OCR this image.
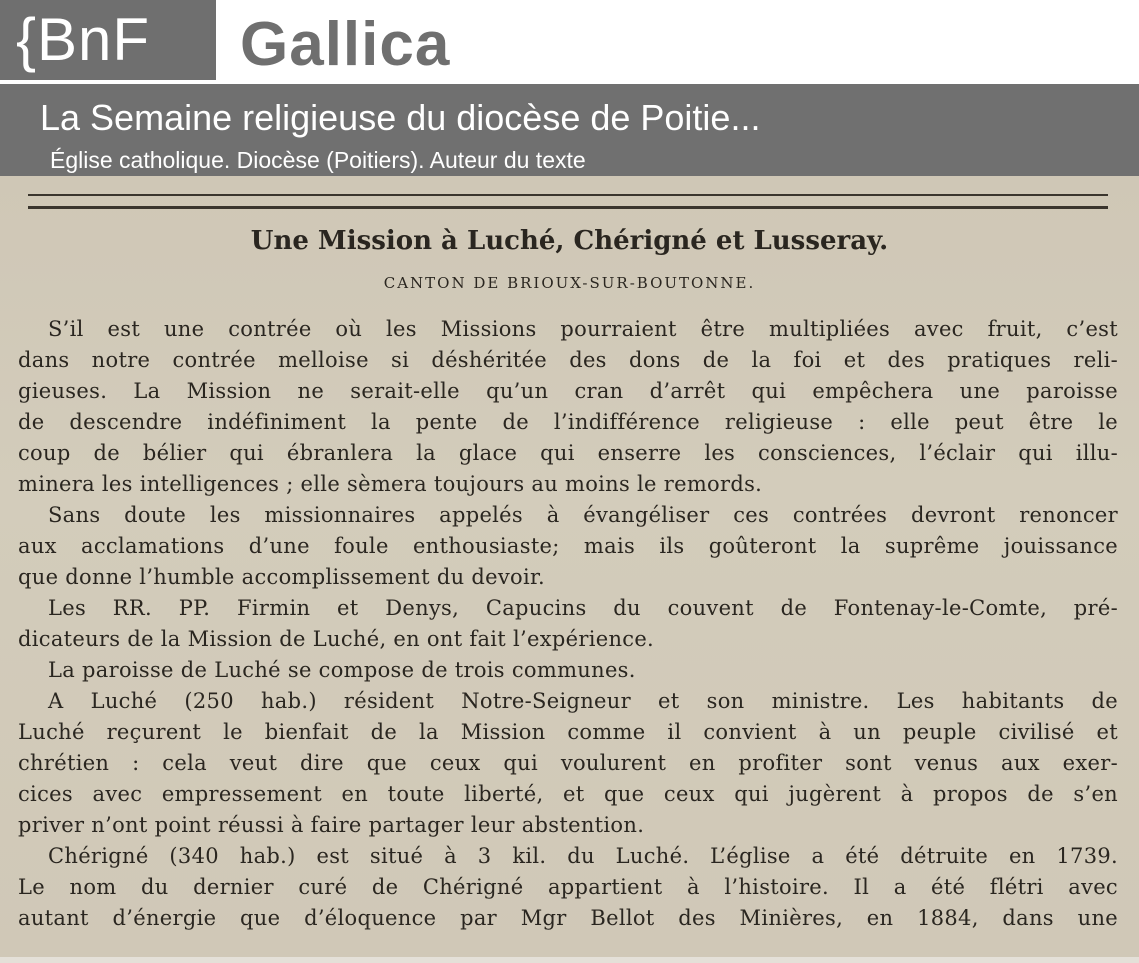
{BnF	Gallica
La Semaine religieuse du diocèse de Poitie...
Église catholique. Diocèse (Poitiers). Auteur du texte
Une Mission à Luché, Chérigné et Lusseray.
CANTON DE BRIOUX-SUR-BOUTONNE.
S’il est une contrée où les Missions pourraient être multipliées avec fruit, c’est
dans notre contrée melloise si déshéritée des dons de la foi et des pratiques reli-
gieuses. La Mission ne serait-elle qu’un cran d’arrêt qui empêchera une paroisse
de descendre indéfiniment la pente de l’indifférence religieuse : elle peut être le
coup de bélier qui ébranlera la glace qui enserre les consciences, l’éclair qui illu-
minera les intelligences ; elle sèmera toujours au moins le remords.
Sans doute les missionnaires appelés à évangéliser ces contrées devront renoncer
aux acclamations d’une foule enthousiaste; mais ils goûteront la suprême jouissance
que donne l’humble accomplissement du devoir.
Les RR. PP. Firmin et Denys, Capucins du couvent de Fontenay-le-Comte, pré-
dicateurs de la Mission de Luché, en ont fait l’expérience.
La paroisse de Luché se compose de trois communes.
A Luché (250 hab.) résident Notre-Seigneur et son ministre. Les habitants de
Luché reçurent le bienfait de la Mission comme il convient à un peuple civilisé et
chrétien : cela veut dire que ceux qui voulurent en profiter sont venus aux exer-
cices avec empressement en toute liberté, et que ceux qui jugèrent à propos de s’en
priver n’ont point réussi à faire partager leur abstention.
Chérigné (340 hab.) est situé à 3 kil. du Luché. L’église a été détruite en 1739.
Le nom du dernier curé de Chérigné appartient à l’histoire. Il a été flétri avec
autant d’énergie que d’éloquence par Mgr Bellot des Minières, en 1884, dans une
